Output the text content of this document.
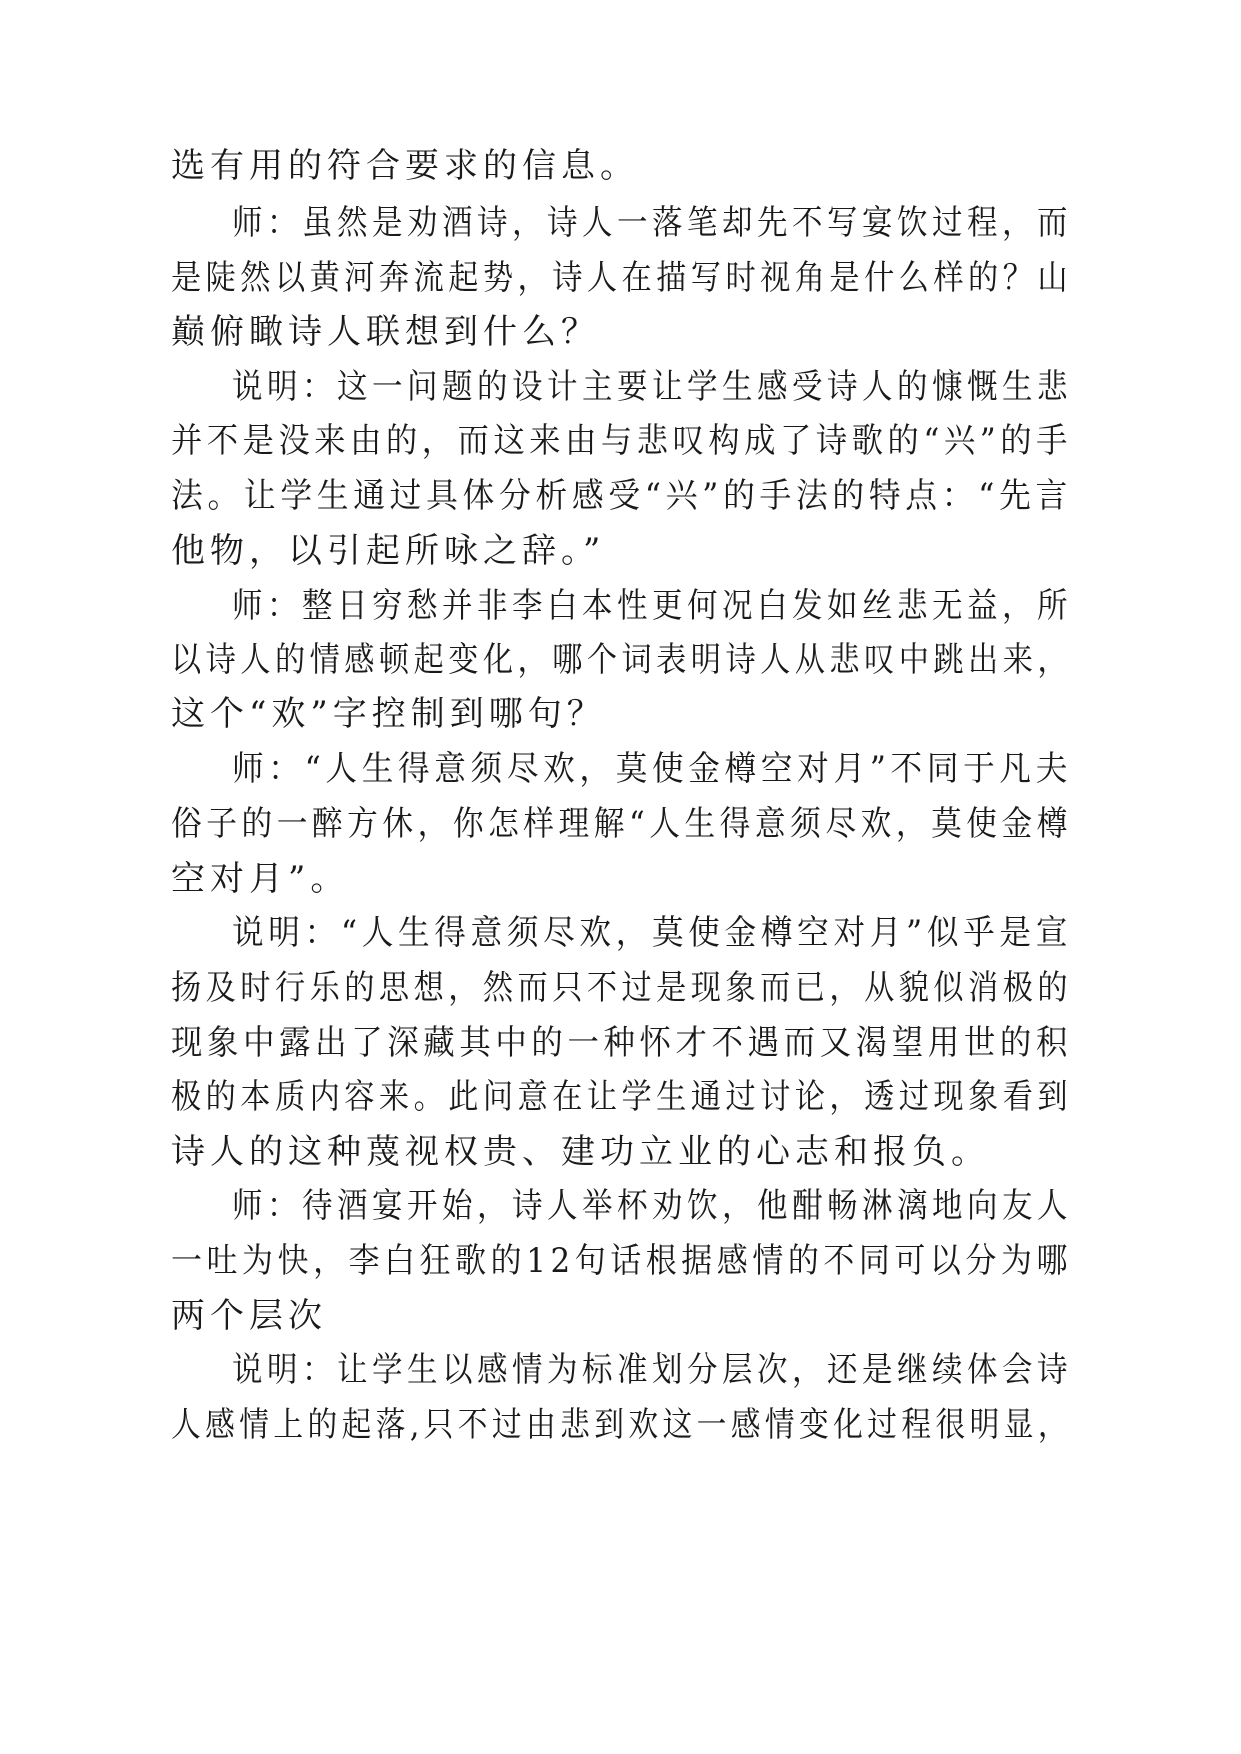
选有用的符合要求的信息。
师：虽然是劝酒诗，诗人一落笔却先不写宴饮过程，而
是陡然以黄河奔流起势，诗人在描写时视角是什么样的？山
巅俯瞰诗人联想到什么？
说明：这一问题的设计主要让学生感受诗人的慷慨生悲
并不是没来由的，而这来由与悲叹构成了诗歌的“兴”的手
法。让学生通过具体分析感受“兴”的手法的特点：“先言
他物，以引起所咏之辞。”
师：整日穷愁并非李白本性更何况白发如丝悲无益，所
以诗人的情感顿起变化，哪个词表明诗人从悲叹中跳出来，
这个“欢”字控制到哪句？
师：“人生得意须尽欢，莫使金樽空对月”不同于凡夫
俗子的一醉方休，你怎样理解“人生得意须尽欢，莫使金樽
空对月”。
说明：“人生得意须尽欢，莫使金樽空对月”似乎是宣
扬及时行乐的思想，然而只不过是现象而已，从貌似消极的
现象中露出了深藏其中的一种怀才不遇而又渴望用世的积
极的本质内容来。此问意在让学生通过讨论，透过现象看到
诗人的这种蔑视权贵、建功立业的心志和报负。
师：待酒宴开始，诗人举杯劝饮，他酣畅淋漓地向友人
一吐为快，李白狂歌的12句话根据感情的不同可以分为哪
两个层次
说明：让学生以感情为标准划分层次，还是继续体会诗
人感情上的起落,只不过由悲到欢这一感情变化过程很明显，
